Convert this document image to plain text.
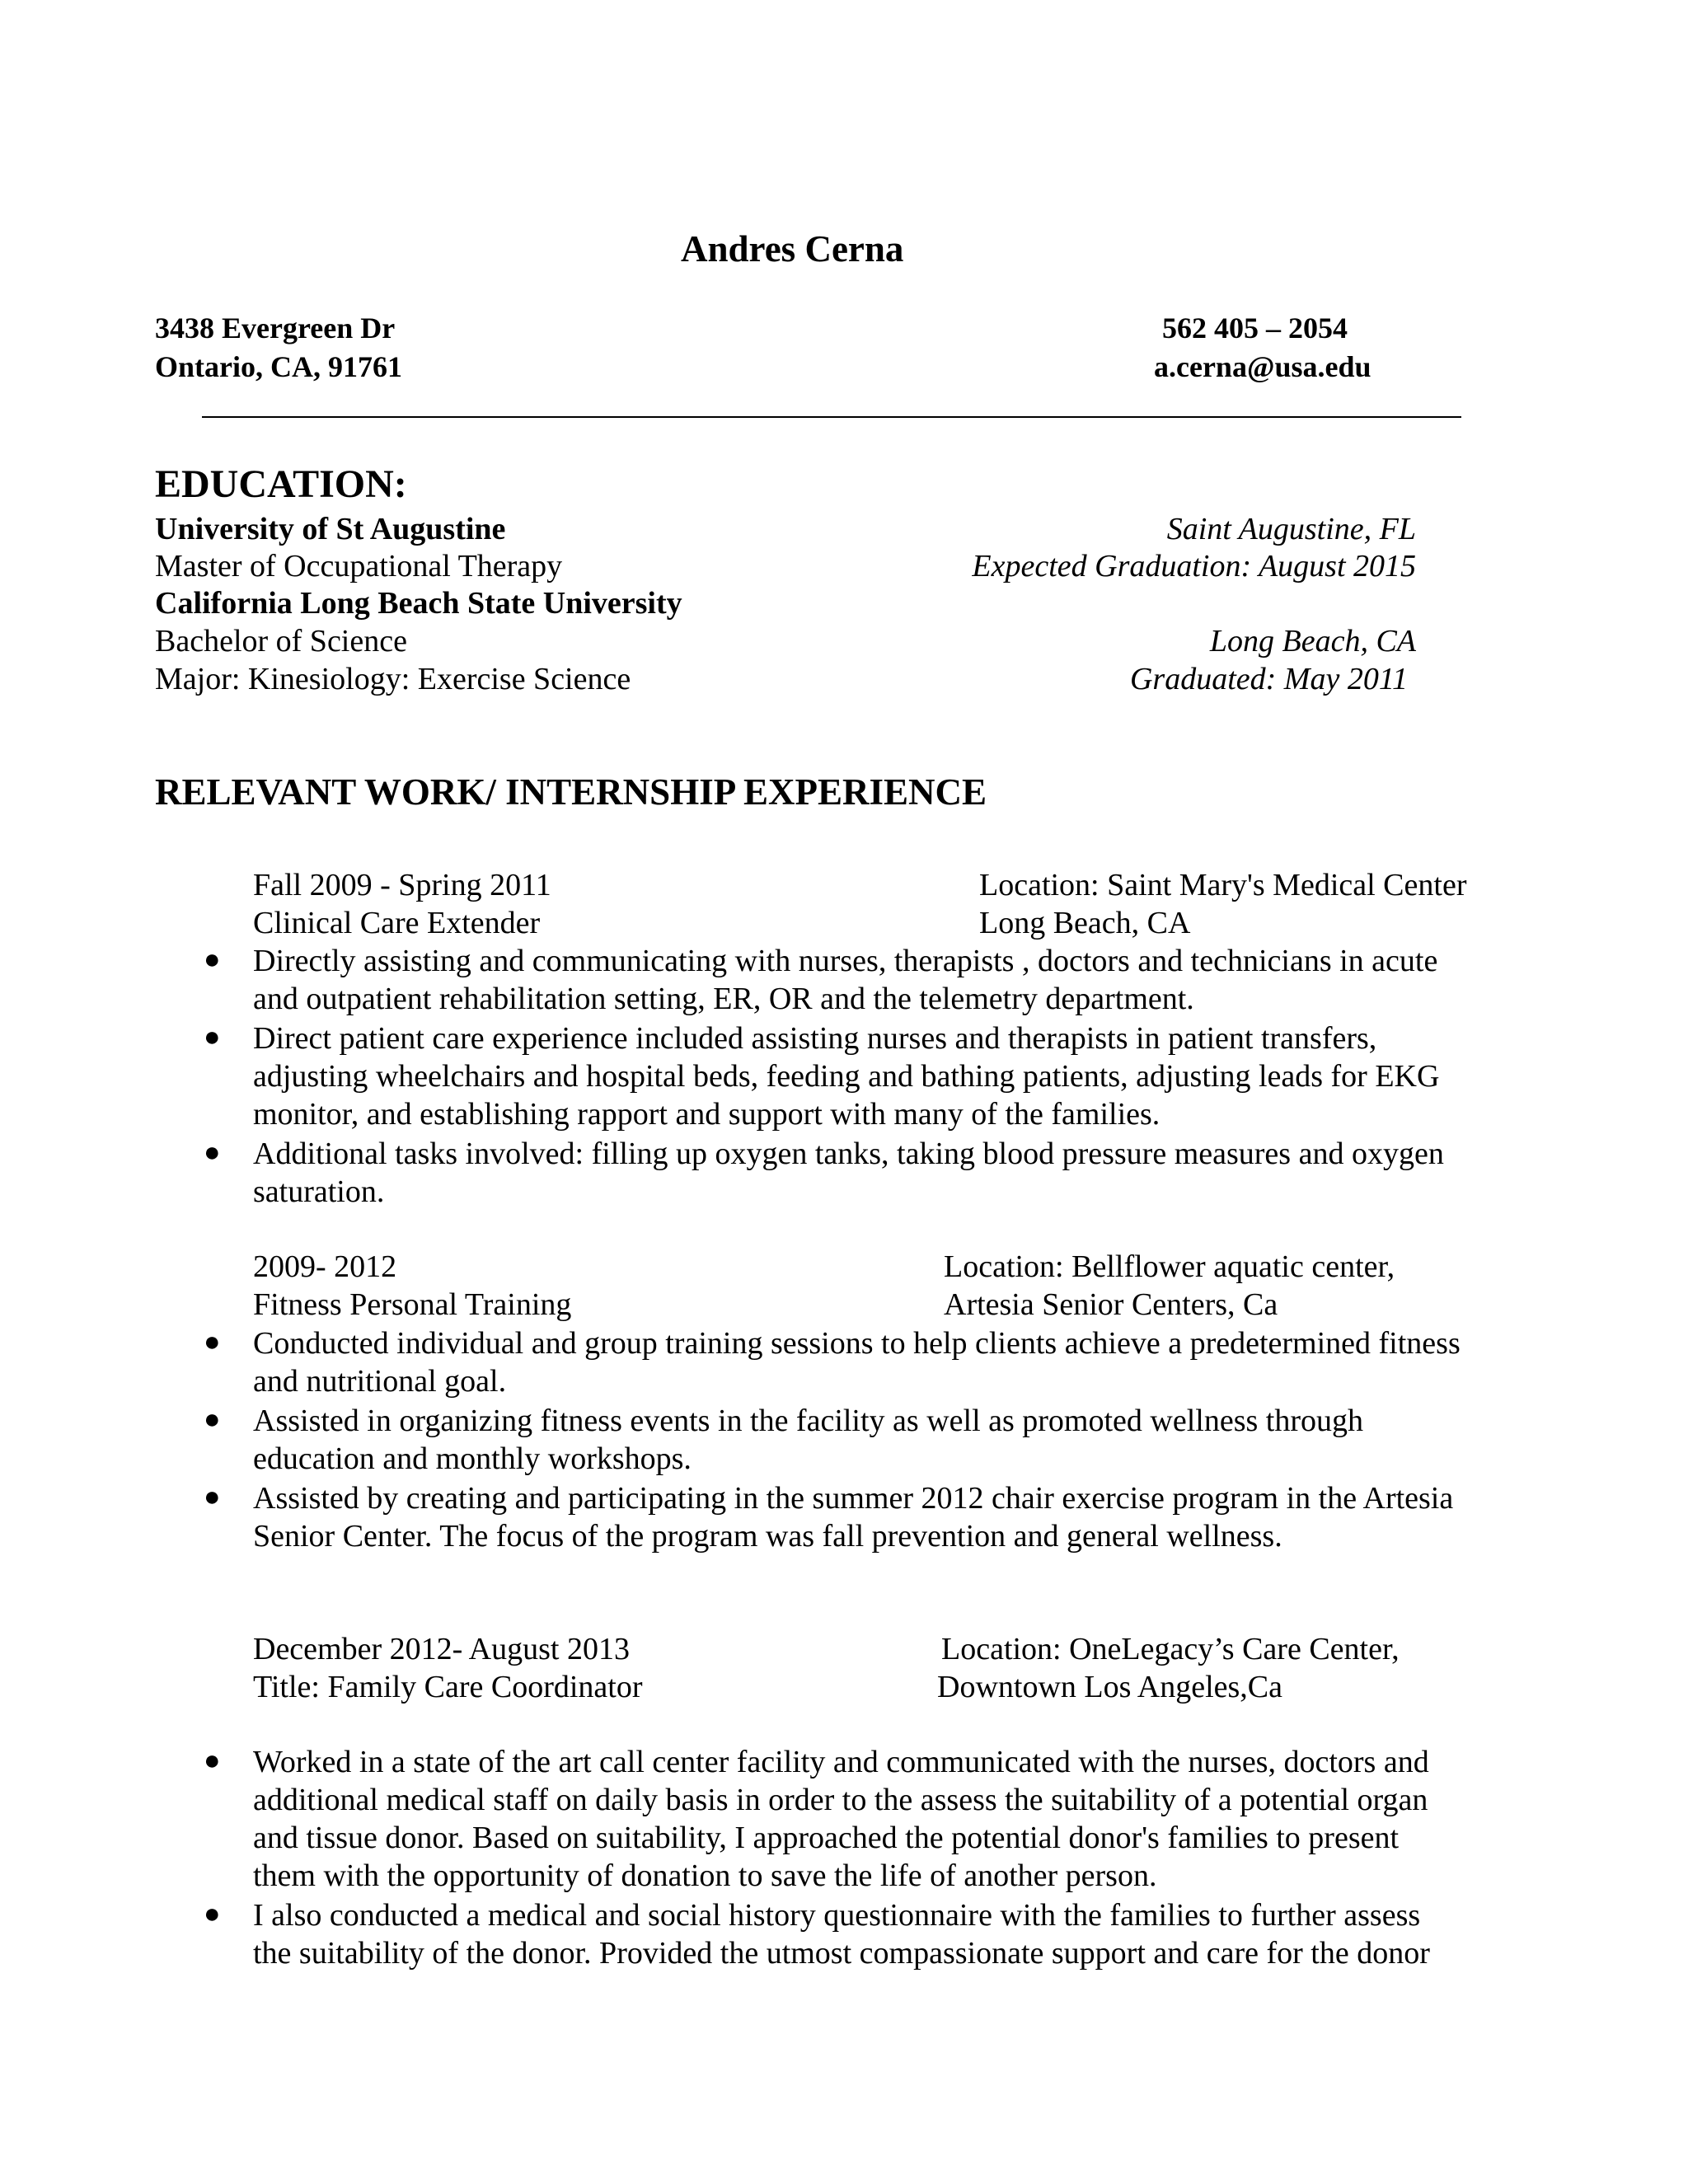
Andres Cerna
3438 Evergreen Dr
Ontario, CA, 91761
562 405 – 2054
a.cerna@usa.edu
EDUCATION:
University of St Augustine	Saint Augustine, FL
Master of Occupational Therapy	Expected Graduation: August 2015
California Long Beach State University
Bachelor of Science	Long Beach, CA
Major: Kinesiology: Exercise Science	Graduated: May 2011
RELEVANT WORK/ INTERNSHIP EXPERIENCE
Fall 2009 - Spring 2011	Location: Saint Mary's Medical Center
Clinical Care Extender	Long Beach, CA
● Directly assisting and communicating with nurses, therapists , doctors and technicians in acute
and outpatient rehabilitation setting, ER, OR and the telemetry department.
● Direct patient care experience included assisting nurses and therapists in patient transfers,
adjusting wheelchairs and hospital beds, feeding and bathing patients, adjusting leads for EKG
monitor, and establishing rapport and support with many of the families.
● Additional tasks involved: filling up oxygen tanks, taking blood pressure measures and oxygen
saturation.
2009- 2012	Location: Bellflower aquatic center,
Fitness Personal Training	Artesia Senior Centers, Ca
● Conducted individual and group training sessions to help clients achieve a predetermined fitness
and nutritional goal.
● Assisted in organizing fitness events in the facility as well as promoted wellness through
education and monthly workshops.
● Assisted by creating and participating in the summer 2012 chair exercise program in the Artesia
Senior Center. The focus of the program was fall prevention and general wellness.
December 2012- August 2013	Location: OneLegacy’s Care Center,
Title: Family Care Coordinator	Downtown Los Angeles,Ca
● Worked in a state of the art call center facility and communicated with the nurses, doctors and
additional medical staff on daily basis in order to the assess the suitability of a potential organ
and tissue donor. Based on suitability, I approached the potential donor's families to present
them with the opportunity of donation to save the life of another person.
● I also conducted a medical and social history questionnaire with the families to further assess
the suitability of the donor. Provided the utmost compassionate support and care for the donor
